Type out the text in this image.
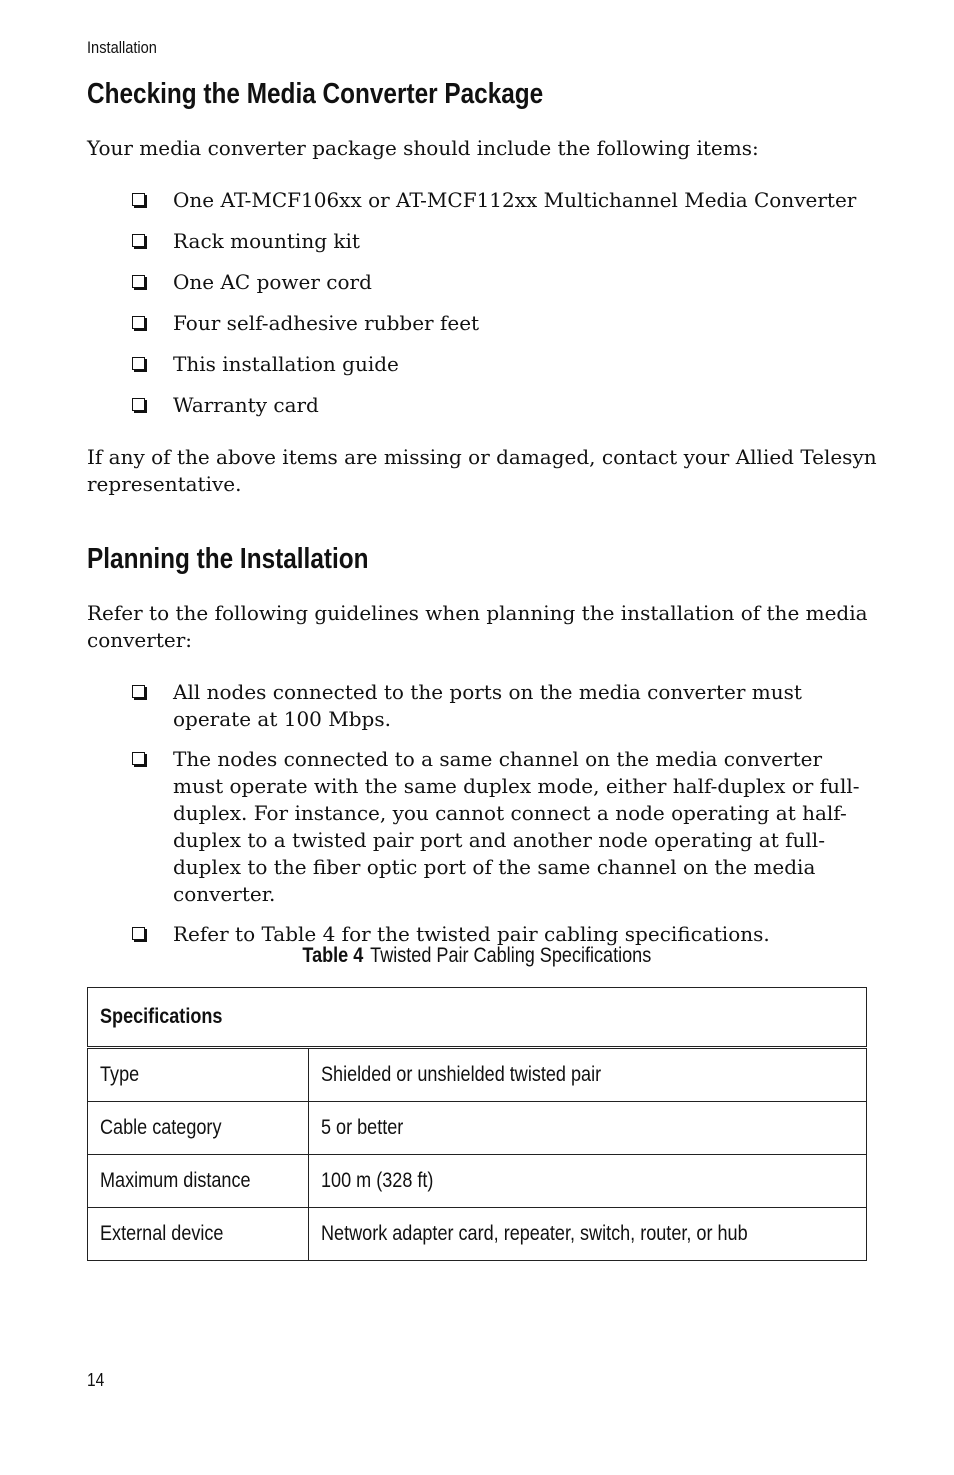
Installation
Checking the Media Converter Package
Your media converter package should include the following items:
One AT-MCF106xx or AT-MCF112xx Multichannel Media Converter
Rack mounting kit
One AC power cord
Four self-adhesive rubber feet
This installation guide
Warranty card
If any of the above items are missing or damaged, contact your Allied Telesyn representative.
Planning the Installation
Refer to the following guidelines when planning the installation of the media converter:
All nodes connected to the ports on the media converter must operate at 100 Mbps.
The nodes connected to a same channel on the media converter must operate with the same duplex mode, either half-duplex or full-duplex. For instance, you cannot connect a node operating at half-duplex to a twisted pair port and another node operating at full-duplex to the fiber optic port of the same channel on the media converter.
Refer to Table 4 for the twisted pair cabling specifications.
Table 4 Twisted Pair Cabling Specifications
Specifications	
Type	Shielded or unshielded twisted pair
Cable category	5 or better
Maximum distance	100 m (328 ft)
External device	Network adapter card, repeater, switch, router, or hub
14
